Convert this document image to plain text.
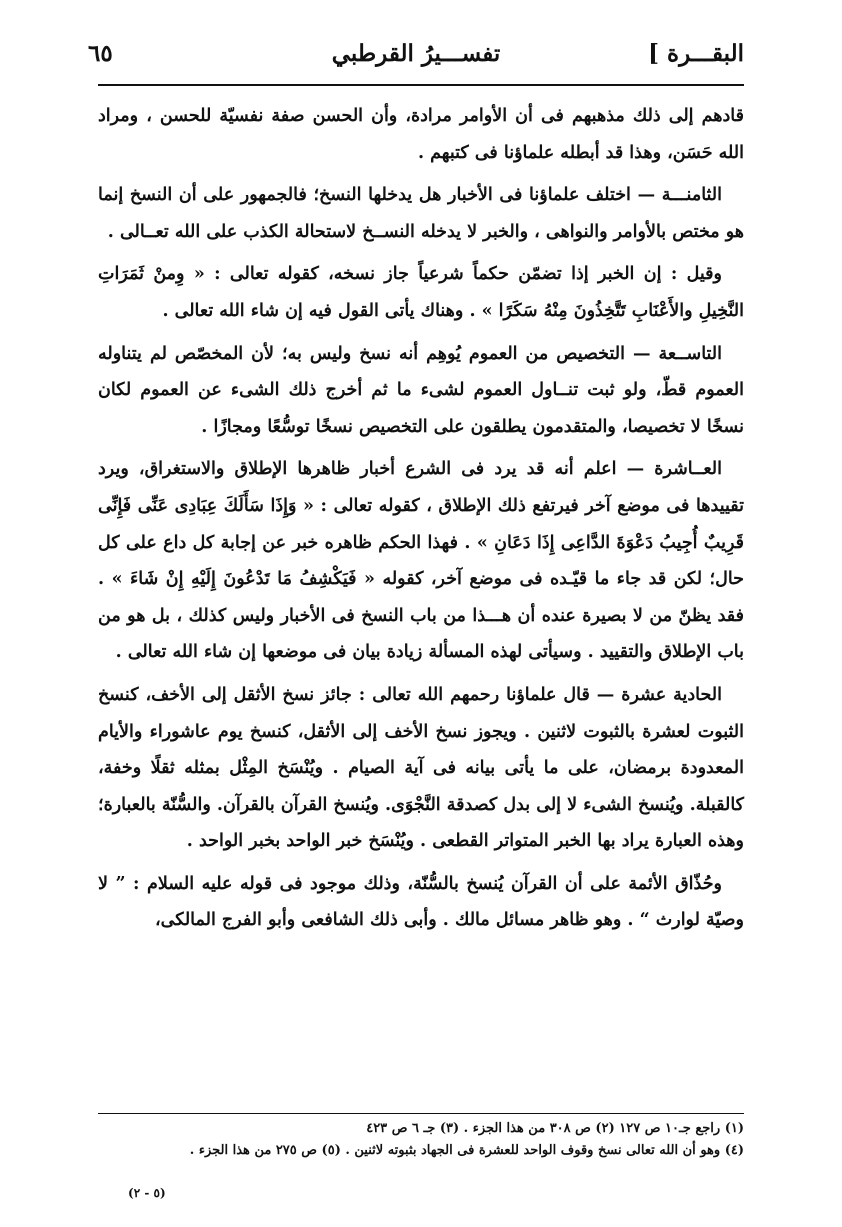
البقـــرة ]
تفســـيرُ القرطبي
٦٥

قادهم إلى ذلك مذهبهم فى أن الأوامر مرادة، وأن الحسن صفة نفسيّة للحسن ، ومراد الله حَسَن، وهذا قد أبطله علماؤنا فى كتبهم .

الثامنـــة — اختلف علماؤنا فى الأخبار هل يدخلها النسخ؛ فالجمهور على أن النسخ إنما هو مختص بالأوامر والنواهى ، والخبر لا يدخله النســخ لاستحالة الكذب على الله تعــالى .

وقيل : إن الخبر إذا تضمّن حكماً شرعياً جاز نسخه، كقوله تعالى : « وِمنْ ثَمَرَاتِ النَّخِيلِ والأَعْنَابِ تَتَّخِذُونَ مِنْهُ سَكَرًا » . وهناك يأتى القول فيه إن شاء الله تعالى .

التاســعة — التخصيص من العموم يُوهِم أنه نسخ وليس به؛ لأن المخصّص لم يتناوله العموم قطّ، ولو ثبت تنــاول العموم لشىء ما ثم أخرج ذلك الشىء عن العموم لكان نسخًا لا تخصيصا، والمتقدمون يطلقون على التخصيص نسخًا توسُّعًا ومجازًا .

العــاشرة — اعلم أنه قد يرد فى الشرع أخبار ظاهرها الإطلاق والاستغراق، ويرد تقييدها فى موضع آخر فيرتفع ذلك الإطلاق ، كقوله تعالى : « وَإِذَا سَأَلَكَ عِبَادِى عَنِّى فَإِنِّى قَرِيبٌ أُجِيبُ دَعْوَةَ الدَّاعِى إِذَا دَعَانِ » . فهذا الحكم ظاهره خبر عن إجابة كل داع على كل حال؛ لكن قد جاء ما قيّـده فى موضع آخر، كقوله « فَيَكْشِفُ مَا تَدْعُونَ إِلَيْهِ إِنْ شَاءَ » . فقد يظنّ من لا بصيرة عنده أن هـــذا من باب النسخ فى الأخبار وليس كذلك ، بل هو من باب الإطلاق والتقييد . وسيأتى لهذه المسألة زيادة بيان فى موضعها إن شاء الله تعالى .

الحادية عشرة — قال علماؤنا رحمهم الله تعالى : جائز نسخ الأثقل إلى الأخف، كنسخ الثبوت لعشرة بالثبوت لاثنين . ويجوز نسخ الأخف إلى الأثقل، كنسخ يوم عاشوراء والأيام المعدودة برمضان، على ما يأتى بيانه فى آية الصيام . ويُنْسَخ المِثْل بمثله ثقلًا وخفة، كالقبلة. ويُنسخ الشىء لا إلى بدل كصدقة النَّجْوَى. ويُنسخ القرآن بالقرآن. والسُّنّة بالعبارة؛ وهذه العبارة يراد بها الخبر المتواتر القطعى . ويُنْسَخ خبر الواحد بخبر الواحد .

وحُذّاق الأئمة على أن القرآن يُنسخ بالسُّنّة، وذلك موجود فى قوله عليه السلام : ” لا وصيّة لوارث “ . وهو ظاهر مسائل مالك . وأبى ذلك الشافعى وأبو الفرج المالكى،

(١) راجع جـ١٠ ص ١٢٧ (٢) ص ٣٠٨ من هذا الجزء . (٣) جـ ٦ ص ٤٢٣
(٤) وهو أن الله تعالى نسخ وقوف الواحد للعشرة فى الجهاد بثبوته لاثنين . (٥) ص ٢٧٥ من هذا الجزء .
(٥ - ٢)
